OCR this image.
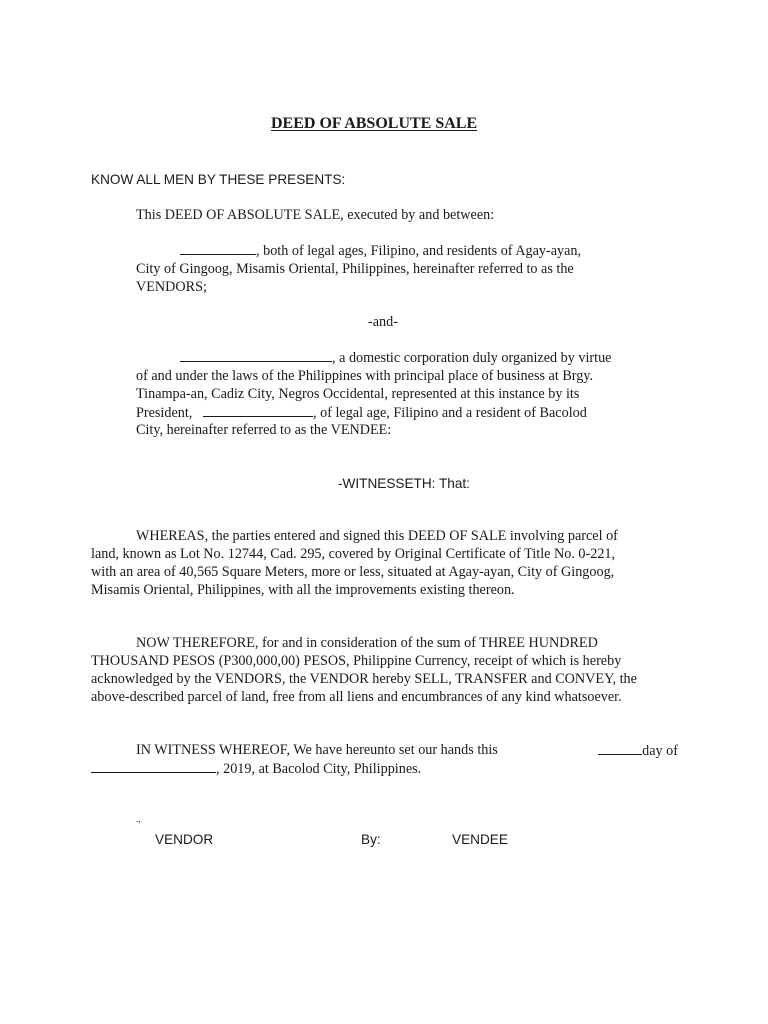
DEED OF ABSOLUTE SALE
KNOW ALL MEN BY THESE PRESENTS:
This DEED OF ABSOLUTE SALE, executed by and between:
, both of legal ages, Filipino, and residents of Agay-ayan,
City of Gingoog, Misamis Oriental, Philippines, hereinafter referred to as the
VENDORS;
-and-
, a domestic corporation duly organized by virtue
of and under the laws of the Philippines with principal place of business at Brgy.
Tinampa-an, Cadiz City, Negros Occidental, represented at this instance by its
President,	, of legal age, Filipino and a resident of Bacolod
City, hereinafter referred to as the VENDEE:
-WITNESSETH: That:
WHEREAS, the parties entered and signed this DEED OF SALE involving parcel of
land, known as Lot No. 12744, Cad. 295, covered by Original Certificate of Title No. 0-221,
with an area of 40,565 Square Meters, more or less, situated at Agay-ayan, City of Gingoog,
Misamis Oriental, Philippines, with all the improvements existing thereon.
NOW THEREFORE, for and in consideration of the sum of THREE HUNDRED
THOUSAND PESOS (P300,000,00) PESOS, Philippine Currency, receipt of which is hereby
acknowledged by the VENDORS, the VENDOR hereby SELL, TRANSFER and CONVEY, the
above-described parcel of land, free from all liens and encumbrances of any kind whatsoever.
IN WITNESS WHEREOF, We have hereunto set our hands this	day of
, 2019, at Bacolod City, Philippines.
.,
VENDOR	By:	VENDEE
